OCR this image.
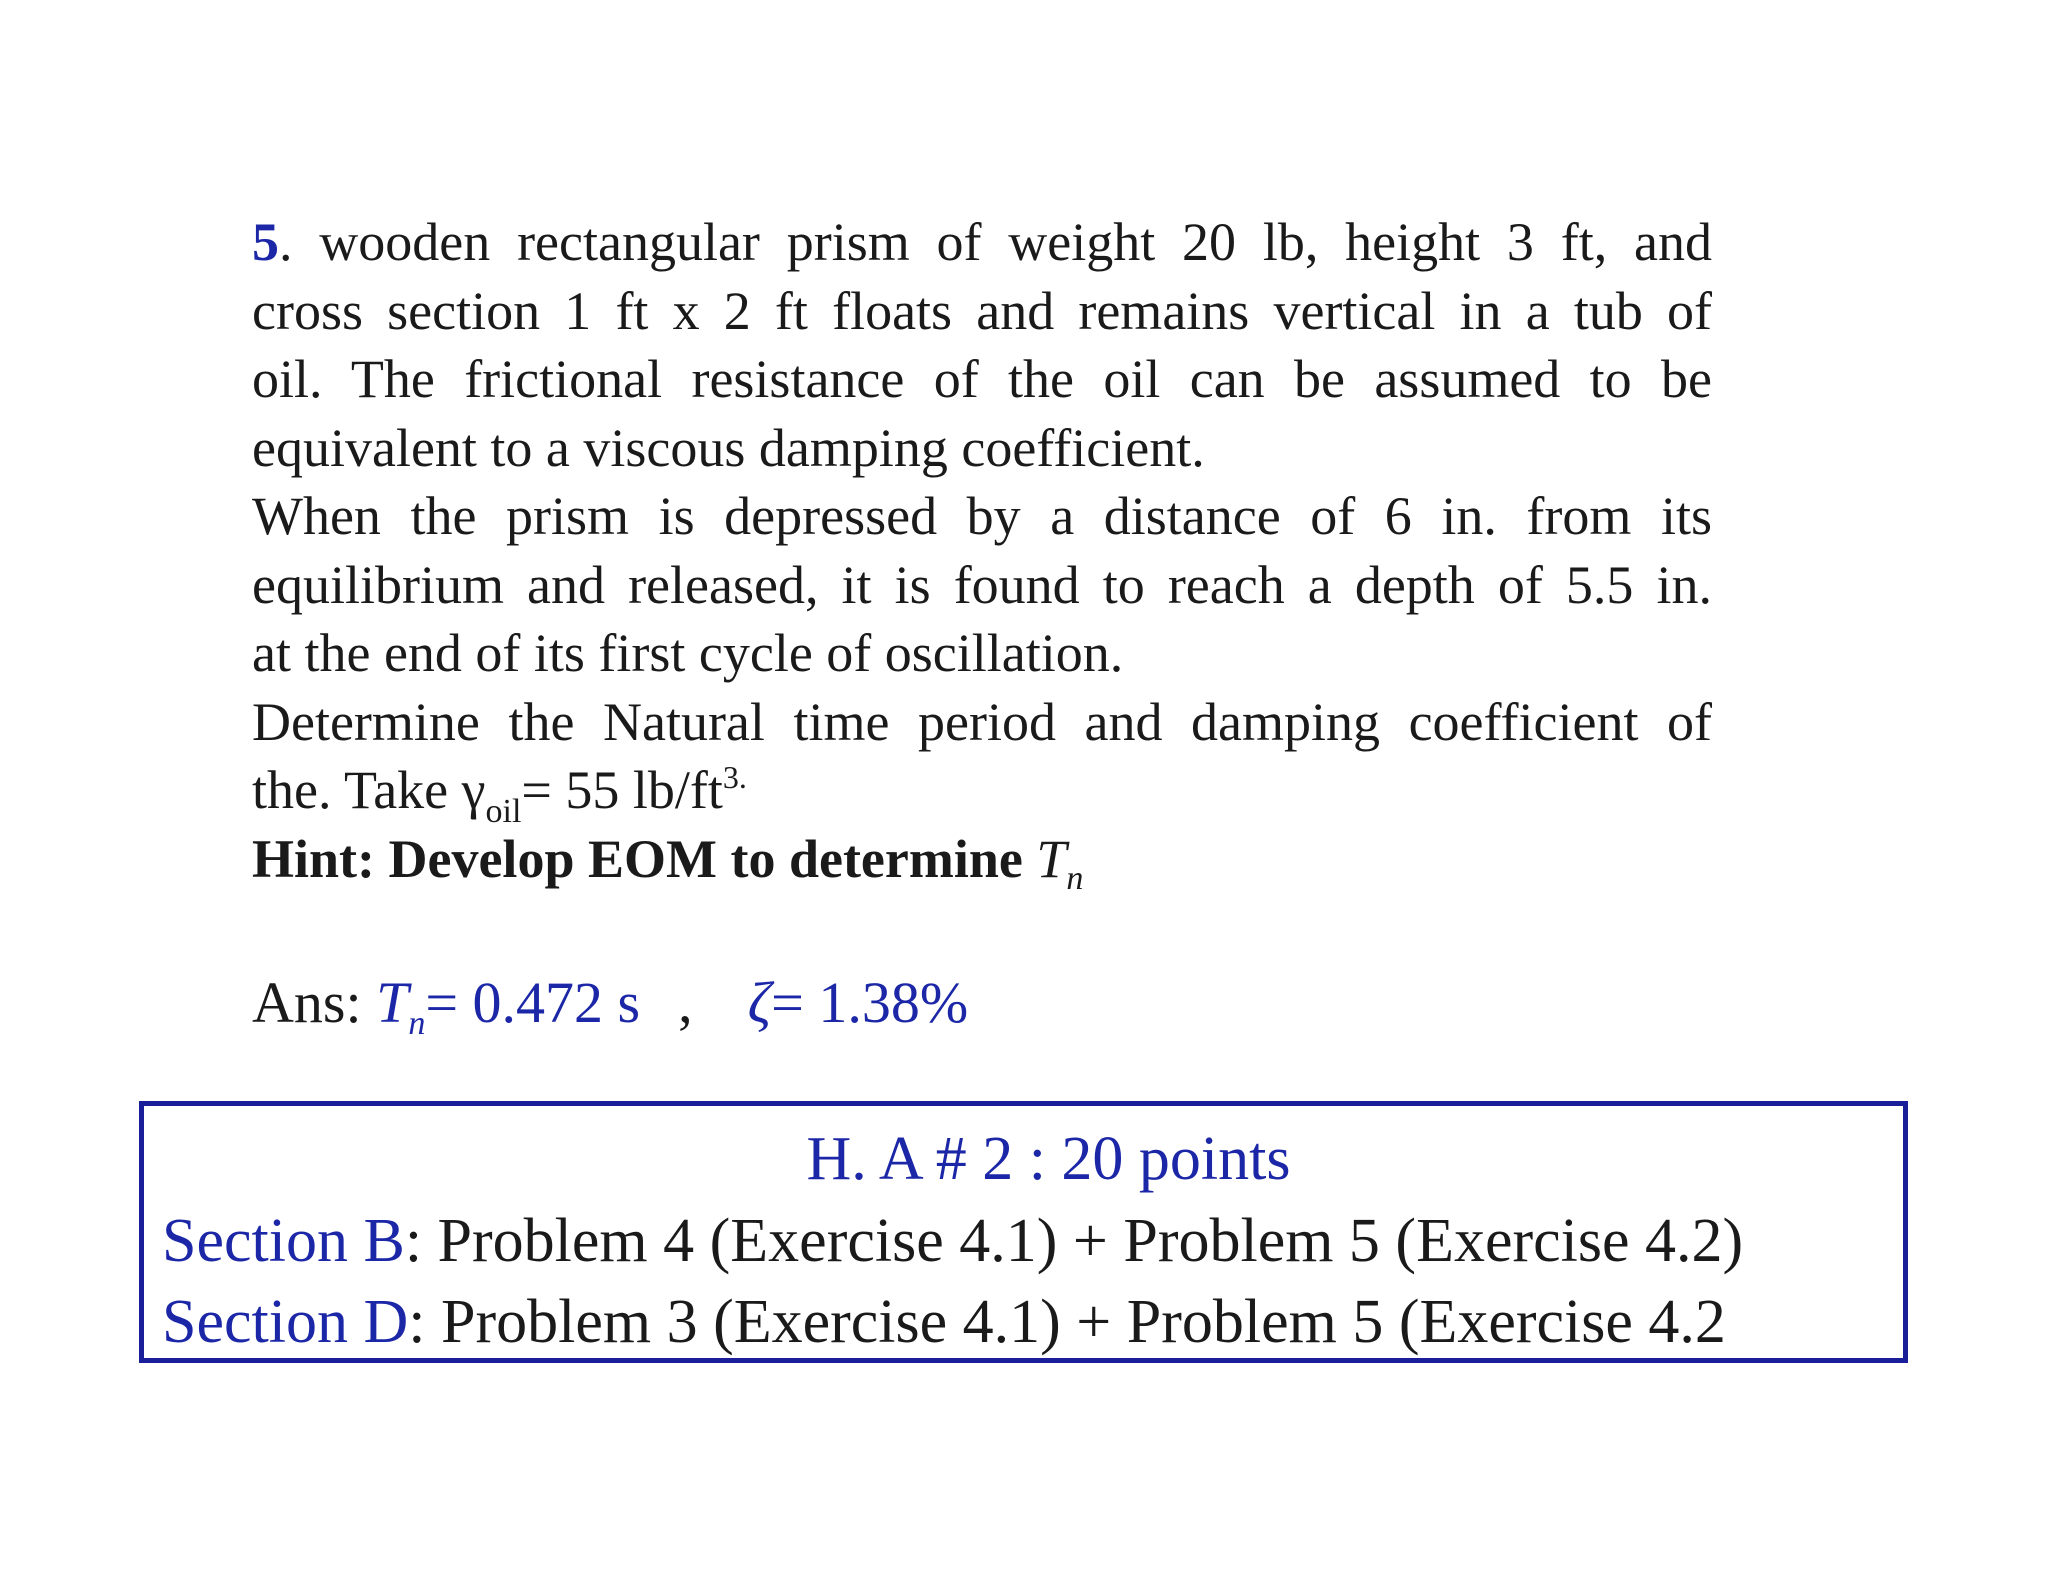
5. wooden rectangular prism of weight 20 lb, height 3 ft, and
cross section 1 ft x 2 ft floats and remains vertical in a tub of
oil. The frictional resistance of the oil can be assumed to be
equivalent to a viscous damping coefficient.
When the prism is depressed by a distance of 6 in. from its
equilibrium and released, it is found to reach a depth of 5.5 in.
at the end of its first cycle of oscillation.
Determine the Natural time period and damping coefficient of
the. Take $\gamma_{oil}= 55$ $lb/ft^{3.}$
Hint: Develop EOM to determine $T_n$
Ans: $T_n= 0.472$ s , ζ= 1.38%
H. A # 2 : 20 points
Section B: Problem 4 (Exercise 4.1) + Problem 5 (Exercise 4.2)
Section D: Problem 3 (Exercise 4.1) + Problem 5 (Exercise 4.2
